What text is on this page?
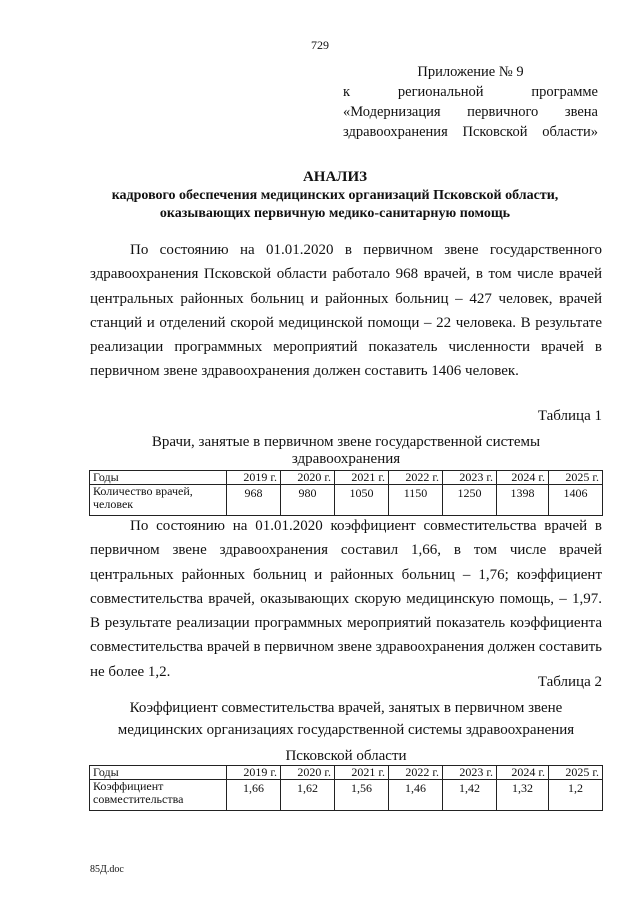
729
Приложение № 9
к региональной программе
«Модернизация первичного звена
здравоохранения Псковской области»
АНАЛИЗ
кадрового обеспечения медицинских организаций Псковской области,
оказывающих первичную медико-санитарную помощь
По состоянию на 01.01.2020 в первичном звене государственного здравоохранения Псковской области работало 968 врачей, в том числе врачей центральных районных больниц и районных больниц – 427 человек, врачей станций и отделений скорой медицинской помощи – 22 человека. В результате реализации программных мероприятий показатель численности врачей в первичном звене здравоохранения должен составить 1406 человек.
Таблица 1
Врачи, занятые в первичном звене государственной системы
здравоохранения
Годы	2019 г.	2020 г.	2021 г.	2022 г.	2023 г.	2024 г.	2025 г.
Количество врачей, человек	968	980	1050	1150	1250	1398	1406
По состоянию на 01.01.2020 коэффициент совместительства врачей в первичном звене здравоохранения составил 1,66, в том числе врачей центральных районных больниц и районных больниц – 1,76; коэффициент совместительства врачей, оказывающих скорую медицинскую помощь, – 1,97. В результате реализации программных мероприятий показатель коэффициента совместительства врачей в первичном звене здравоохранения должен составить не более 1,2.
Таблица 2
Коэффициент совместительства врачей, занятых в первичном звене
медицинских организациях государственной системы здравоохранения
Псковской области
Годы	2019 г.	2020 г.	2021 г.	2022 г.	2023 г.	2024 г.	2025 г.
Коэффициент совместительства	1,66	1,62	1,56	1,46	1,42	1,32	1,2
85Д.doc
